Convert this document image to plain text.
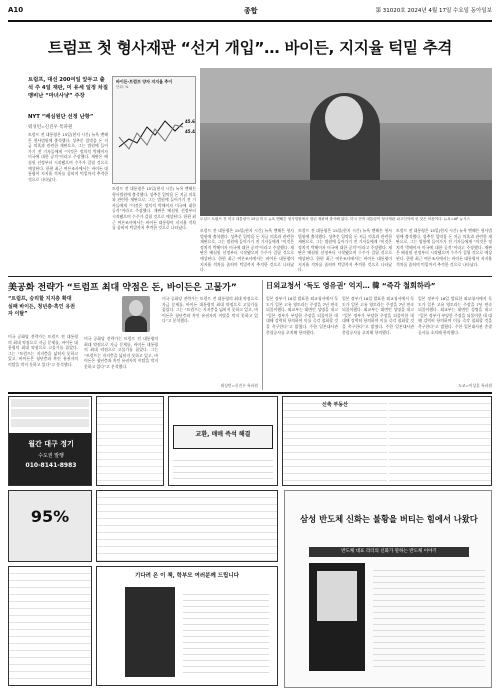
A10	종합	第 31020호 2024년 4월 17일 수요일 동아일보
트럼프 첫 형사재판 “선거 개입”… 바이든, 지지율 턱밑 추격
트럼프, 대선 200여일 앞두고 출석 주 4일 재판, 미 유세 일정 차질 맹비난 “마녀사냥” 주장
NYT “배심원단 선정 난항”
워싱턴=신진우 특파원
트럼프 전 대통령은 15일(현지 시간) 뉴욕 맨해튼 형사법원에 출석했다. 성추문 입막음 돈 지급 의혹과 관련한 재판으로, 그는 법원에 들어가기 전 기자들에게 “이것은 정치적 박해이자 미국에 대한 공격”이라고 주장했다. 재판은 배심원 선정부터 시작됐으며 수주가 걸릴 것으로 예상된다. 한편 최근 여론조사에서는 바이든 대통령이 지지율 격차를 좁히며 턱밑까지 추격한 것으로 나타났다.
바이든-트럼프 양자 지지율 추이
단위: %
45.6
45.4
도널드 트럼프 전 미국 대통령이 15일 미국 뉴욕 맨해튼 형사법원에서 열린 재판에 출석해 있다. 미국 전직 대통령이 형사재판 피고인석에 선 것은 처음이다. 뉴욕=AP 뉴시스
트럼프 전 대통령은 15일(현지 시간) 뉴욕 맨해튼 형사법원에 출석했다. 성추문 입막음 돈 지급 의혹과 관련한 재판으로, 그는 법원에 들어가기 전 기자들에게 “이것은 정치적 박해이자 미국에 대한 공격”이라고 주장했다. 재판은 배심원 선정부터 시작됐으며 수주가 걸릴 것으로 예상된다. 한편 최근 여론조사에서는 바이든 대통령이 지지율 격차를 좁히며 턱밑까지 추격한 것으로 나타났다.
트럼프 전 대통령은 15일(현지 시간) 뉴욕 맨해튼 형사법원에 출석했다. 성추문 입막음 돈 지급 의혹과 관련한 재판으로, 그는 법원에 들어가기 전 기자들에게 “이것은 정치적 박해이자 미국에 대한 공격”이라고 주장했다. 재판은 배심원 선정부터 시작됐으며 수주가 걸릴 것으로 예상된다. 한편 최근 여론조사에서는 바이든 대통령이 지지율 격차를 좁히며 턱밑까지 추격한 것으로 나타났다.
트럼프 전 대통령은 15일(현지 시간) 뉴욕 맨해튼 형사법원에 출석했다. 성추문 입막음 돈 지급 의혹과 관련한 재판으로, 그는 법원에 들어가기 전 기자들에게 “이것은 정치적 박해이자 미국에 대한 공격”이라고 주장했다. 재판은 배심원 선정부터 시작됐으며 수주가 걸릴 것으로 예상된다. 한편 최근 여론조사에서는 바이든 대통령이 지지율 격차를 좁히며 턱밑까지 추격한 것으로 나타났다.
트럼프 전 대통령은 15일(현지 시간) 뉴욕 맨해튼 형사법원에 출석했다. 성추문 입막음 돈 지급 의혹과 관련한 재판으로, 그는 법원에 들어가기 전 기자들에게 “이것은 정치적 박해이자 미국에 대한 공격”이라고 주장했다. 재판은 배심원 선정부터 시작됐으며 수주가 걸릴 것으로 예상된다. 한편 최근 여론조사에서는 바이든 대통령이 지지율 격차를 좁히며 턱밑까지 추격한 것으로 나타났다.
美공화 전략가 “트럼프 최대 약점은 돈, 바이든은 고물가”
“트럼프, 승리할 지지층 확대 실패 바이든, 청년층·흑인 유권자 이탈”
미국 공화당 전략가는 트럼프 전 대통령의 최대 약점으로 자금 문제를, 바이든 대통령의 최대 약점으로 고물가를 꼽았다. 그는 “트럼프는 지지층을 넓히지 못하고 있고, 바이든은 청년층과 흑인 유권자의 이탈을 막지 못하고 있다”고 분석했다.
미국 공화당 전략가는 트럼프 전 대통령의 최대 약점으로 자금 문제를, 바이든 대통령의 최대 약점으로 고물가를 꼽았다. 그는 “트럼프는 지지층을 넓히지 못하고 있고, 바이든은 청년층과 흑인 유권자의 이탈을 막지 못하고 있다”고 분석했다.
미국 공화당 전략가는 트럼프 전 대통령의 최대 약점으로 자금 문제를, 바이든 대통령의 최대 약점으로 고물가를 꼽았다. 그는 “트럼프는 지지층을 넓히지 못하고 있고, 바이든은 청년층과 흑인 유권자의 이탈을 막지 못하고 있다”고 분석했다.
워싱턴=신진우 특파원
日외교청서 ‘독도 영유권’ 억지… 韓 “즉각 철회하라”
일본 정부가 16일 발표한 외교청서에서 독도가 일본 고유 영토라는 주장을 7년 연속 되풀이했다. 외교부는 대변인 성명을 내고 “일본 정부가 부당한 주장을 되풀이한 데 대해 강력히 항의하며 이를 즉각 철회할 것을 촉구한다”고 밝혔다. 주한 일본대사관 총괄공사를 초치해 항의했다.
일본 정부가 16일 발표한 외교청서에서 독도가 일본 고유 영토라는 주장을 7년 연속 되풀이했다. 외교부는 대변인 성명을 내고 “일본 정부가 부당한 주장을 되풀이한 데 대해 강력히 항의하며 이를 즉각 철회할 것을 촉구한다”고 밝혔다. 주한 일본대사관 총괄공사를 초치해 항의했다.
일본 정부가 16일 발표한 외교청서에서 독도가 일본 고유 영토라는 주장을 7년 연속 되풀이했다. 외교부는 대변인 성명을 내고 “일본 정부가 부당한 주장을 되풀이한 데 대해 강력히 항의하며 이를 즉각 철회할 것을 촉구한다”고 밝혔다. 주한 일본대사관 총괄공사를 초치해 항의했다.
도쿄=이상훈 특파원
월간 대구 정기
수도권 발행
010-8141-8983
교환, 매매 즉석 해결
신축 부동산
95%
기다려 온 이 책, 학부모 여러분께 드립니다
삼성 반도체 신화는 불황을 버티는 힘에서 나왔다
반도체 대표 리더의 신화가 말하는 반도체 이야기
